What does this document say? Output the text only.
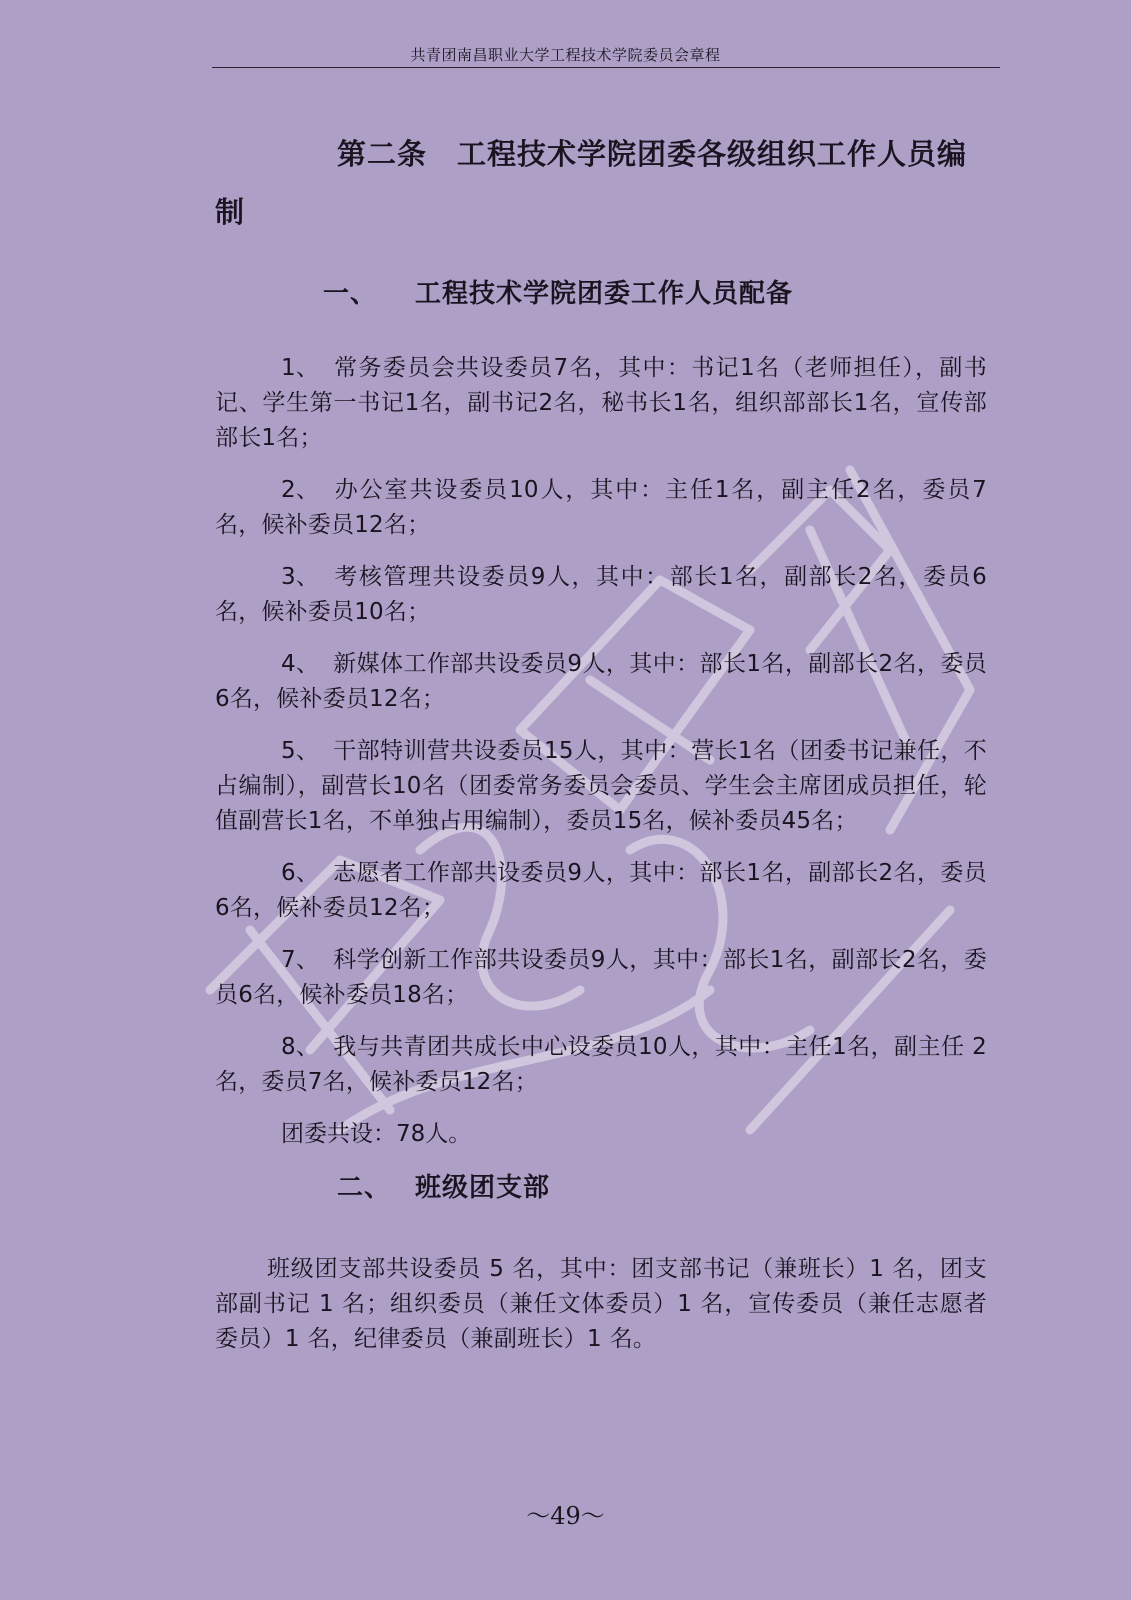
共青团南昌职业大学工程技术学院委员会章程

第二条　工程技术学院团委各级组织工作人员编制

一、 工程技术学院团委工作人员配备

1、 常务委员会共设委员7名，其中：书记1名（老师担任），副书记、学生第一书记1名，副书记2名，秘书长1名，组织部部长1名，宣传部部长1名；

2、 办公室共设委员10人，其中：主任1名，副主任2名，委员7名，候补委员12名；

3、 考核管理共设委员9人，其中：部长1名，副部长2名，委员6名，候补委员10名；

4、 新媒体工作部共设委员9人，其中：部长1名，副部长2名，委员6名，候补委员12名；

5、 干部特训营共设委员15人，其中：营长1名（团委书记兼任，不占编制），副营长10名（团委常务委员会委员、学生会主席团成员担任，轮值副营长1名，不单独占用编制），委员15名，候补委员45名；

6、 志愿者工作部共设委员9人，其中：部长1名，副部长2名，委员6名，候补委员12名；

7、 科学创新工作部共设委员9人，其中：部长1名，副部长2名，委员6名，候补委员18名；

8、 我与共青团共成长中心设委员10人，其中：主任1名，副主任 2名，委员7名，候补委员12名；

团委共设：78人。

二、 班级团支部

班级团支部共设委员 5 名，其中：团支部书记（兼班长）1 名，团支部副书记 1 名；组织委员（兼任文体委员）1 名，宣传委员（兼任志愿者委员）1 名，纪律委员（兼副班长）1 名。

～49～
